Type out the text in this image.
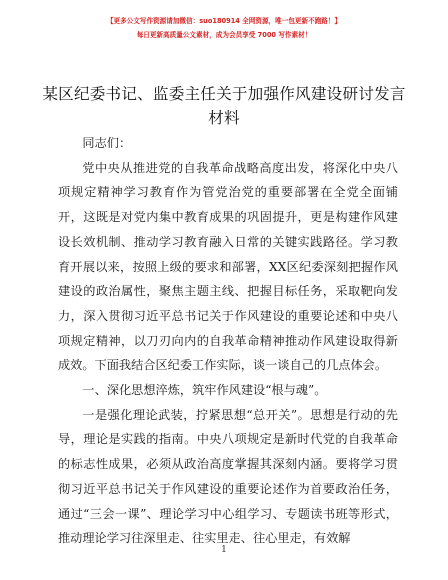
【更多公文写作资源请加微信：suo180914 全网资源，唯一包更新不跑路！】
每日更新高质量公文素材，成为会员享受 7000 写作素材！
某区纪委书记、监委主任关于加强作风建设研讨发言材料

同志们：

党中央从推进党的自我革命战略高度出发，将深化中央八项规定精神学习教育作为管党治党的重要部署在全党全面铺开，这既是对党内集中教育成果的巩固提升，更是构建作风建设长效机制、推动学习教育融入日常的关键实践路径。学习教育开展以来，按照上级的要求和部署，XX区纪委深刻把握作风建设的政治属性，聚焦主题主线、把握目标任务，采取靶向发力，深入贯彻习近平总书记关于作风建设的重要论述和中央八项规定精神，以刀刃向内的自我革命精神推动作风建设取得新成效。下面我结合区纪委工作实际，谈一谈自己的几点体会。

一、深化思想淬炼，筑牢作风建设“根与魂”。

一是强化理论武装，拧紧思想“总开关”。思想是行动的先导，理论是实践的指南。中央八项规定是新时代党的自我革命的标志性成果，必须从政治高度掌握其深刻内涵。要将学习贯彻习近平总书记关于作风建设的重要论述作为首要政治任务，通过“三会一课”、理论学习中心组学习、专题读书班等形式，推动理论学习往深里走、往实里走、往心里走，有效解

1
